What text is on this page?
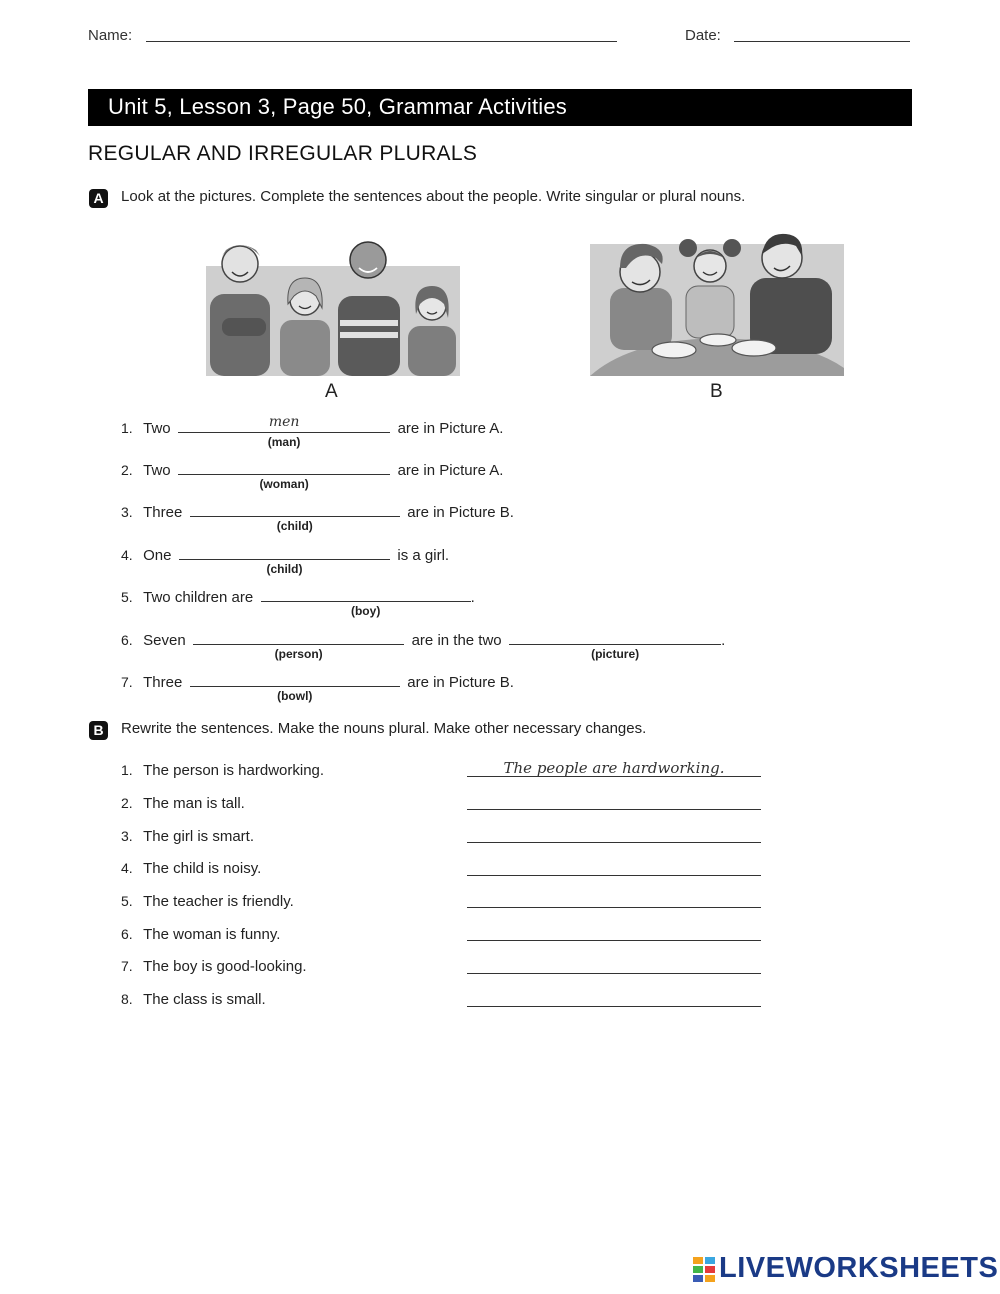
Name:	Date:
Unit 5, Lesson 3, Page 50, Grammar Activities
REGULAR AND IRREGULAR PLURALS
A Look at the pictures. Complete the sentences about the people. Write singular or plural nouns.
A	B
1. Two	men
(man)
are in Picture A.
2. Two
(woman)
are in Picture A.
3. Three
(child)
are in Picture B.
4. One
(child)
is a girl.
5. Two children are
(boy)
.
6. Seven
(person)
are in the two
(picture)
.
7. Three
(bowl)
are in Picture B.
B Rewrite the sentences. Make the nouns plural. Make other necessary changes.
1. The person is hardworking.	The people are hardworking.
2. The man is tall.
3. The girl is smart.
4. The child is noisy.
5. The teacher is friendly.
6. The woman is funny.
7. The boy is good-looking.
8. The class is small.
LIVEWORKSHEETS
